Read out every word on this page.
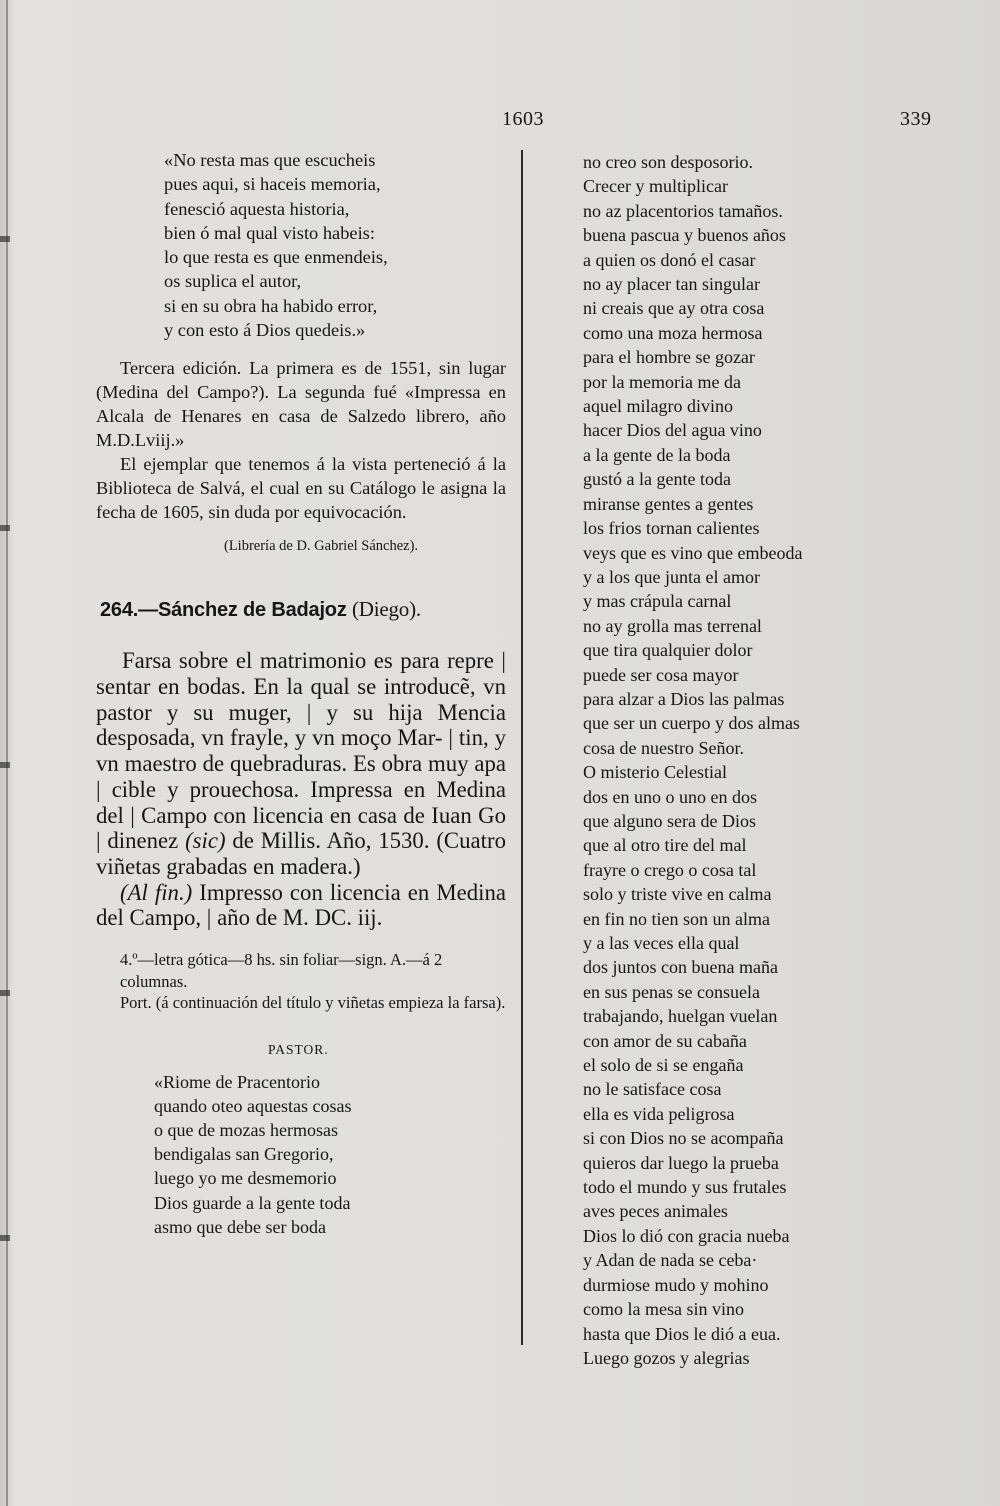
1603	339
«No resta mas que escucheis
pues aqui, si haceis memoria,
fenesció aquesta historia,
bien ó mal qual visto habeis:
lo que resta es que enmendeis,
os suplica el autor,
si en su obra ha habido error,
y con esto á Dios quedeis.»

Tercera edición. La primera es de 1551, sin lugar (Medina del Campo?). La segunda fué «Impressa en Alcala de Henares en casa de Salzedo librero, año M.D.Lviij.»

El ejemplar que tenemos á la vista perteneció á la Biblioteca de Salvá, el cual en su Catálogo le asigna la fecha de 1605, sin duda por equivocación.

(Librería de D. Gabriel Sánchez).
264.—Sánchez de Badajoz (Diego).

Farsa sobre el matrimonio es para repre | sentar en bodas. En la qual se introducẽ, vn pastor y su muger, | y su hija Mencia desposada, vn frayle, y vn moço Mar- | tin, y vn maestro de quebraduras. Es obra muy apa | cible y prouechosa. Impressa en Medina del | Campo con licencia en casa de Iuan Go | dinenez (sic) de Millis. Año, 1530. (Cuatro viñetas grabadas en madera.)

(Al fin.) Impresso con licencia en Medina del Campo, | año de M. DC. iij.

4.º—letra gótica—8 hs. sin foliar—sign. A.—á 2 columnas.

Port. (á continuación del título y viñetas empieza la farsa).

PASTOR.
«Riome de Pracentorio
quando oteo aquestas cosas
o que de mozas hermosas
bendigalas san Gregorio,
luego yo me desmemorio
Dios guarde a la gente toda
asmo que debe ser boda
no creo son desposorio.
Crecer y multiplicar
no az placentorios tamaños.
buena pascua y buenos años
a quien os donó el casar
no ay placer tan singular
ni creais que ay otra cosa
como una moza hermosa
para el hombre se gozar
por la memoria me da
aquel milagro divino
hacer Dios del agua vino
a la gente de la boda
gustó a la gente toda
miranse gentes a gentes
los frios tornan calientes
veys que es vino que embeoda
y a los que junta el amor
y mas crápula carnal
no ay grolla mas terrenal
que tira qualquier dolor
puede ser cosa mayor
para alzar a Dios las palmas
que ser un cuerpo y dos almas
cosa de nuestro Señor.
O misterio Celestial
dos en uno o uno en dos
que alguno sera de Dios
que al otro tire del mal
frayre o crego o cosa tal
solo y triste vive en calma
en fin no tien son un alma
y a las veces ella qual
dos juntos con buena maña
en sus penas se consuela
trabajando, huelgan vuelan
con amor de su cabaña
el solo de si se engaña
no le satisface cosa
ella es vida peligrosa
si con Dios no se acompaña
quieros dar luego la prueba
todo el mundo y sus frutales
aves peces animales
Dios lo dió con gracia nueba
y Adan de nada se ceba·
durmiose mudo y mohino
como la mesa sin vino
hasta que Dios le dió a eua.
Luego gozos y alegrias
